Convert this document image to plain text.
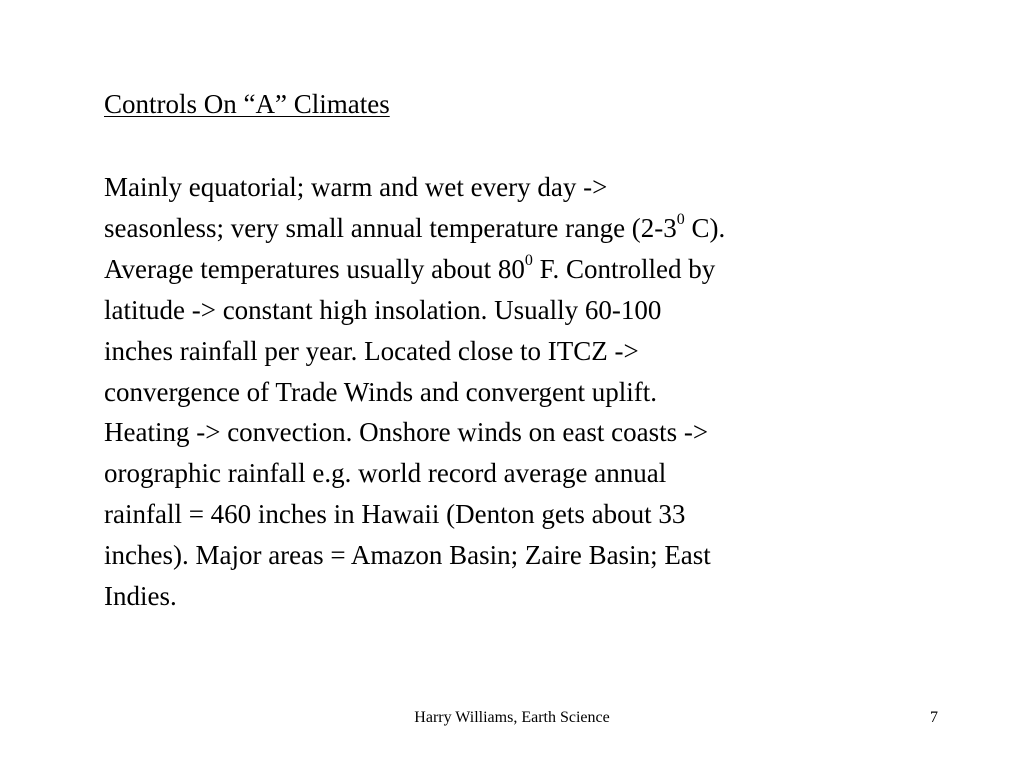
Controls On “A” Climates
Mainly equatorial; warm and wet every day ->
seasonless; very small annual temperature range ($2-3^0$ C).
Average temperatures usually about $80^0$ F. Controlled by
latitude -> constant high insolation. Usually 60-100
inches rainfall per year. Located close to ITCZ ->
convergence of Trade Winds and convergent uplift.
Heating -> convection. Onshore winds on east coasts ->
orographic rainfall e.g. world record average annual
rainfall = 460 inches in Hawaii (Denton gets about 33
inches). Major areas = Amazon Basin; Zaire Basin; East
Indies.
Harry Williams, Earth Science	7
